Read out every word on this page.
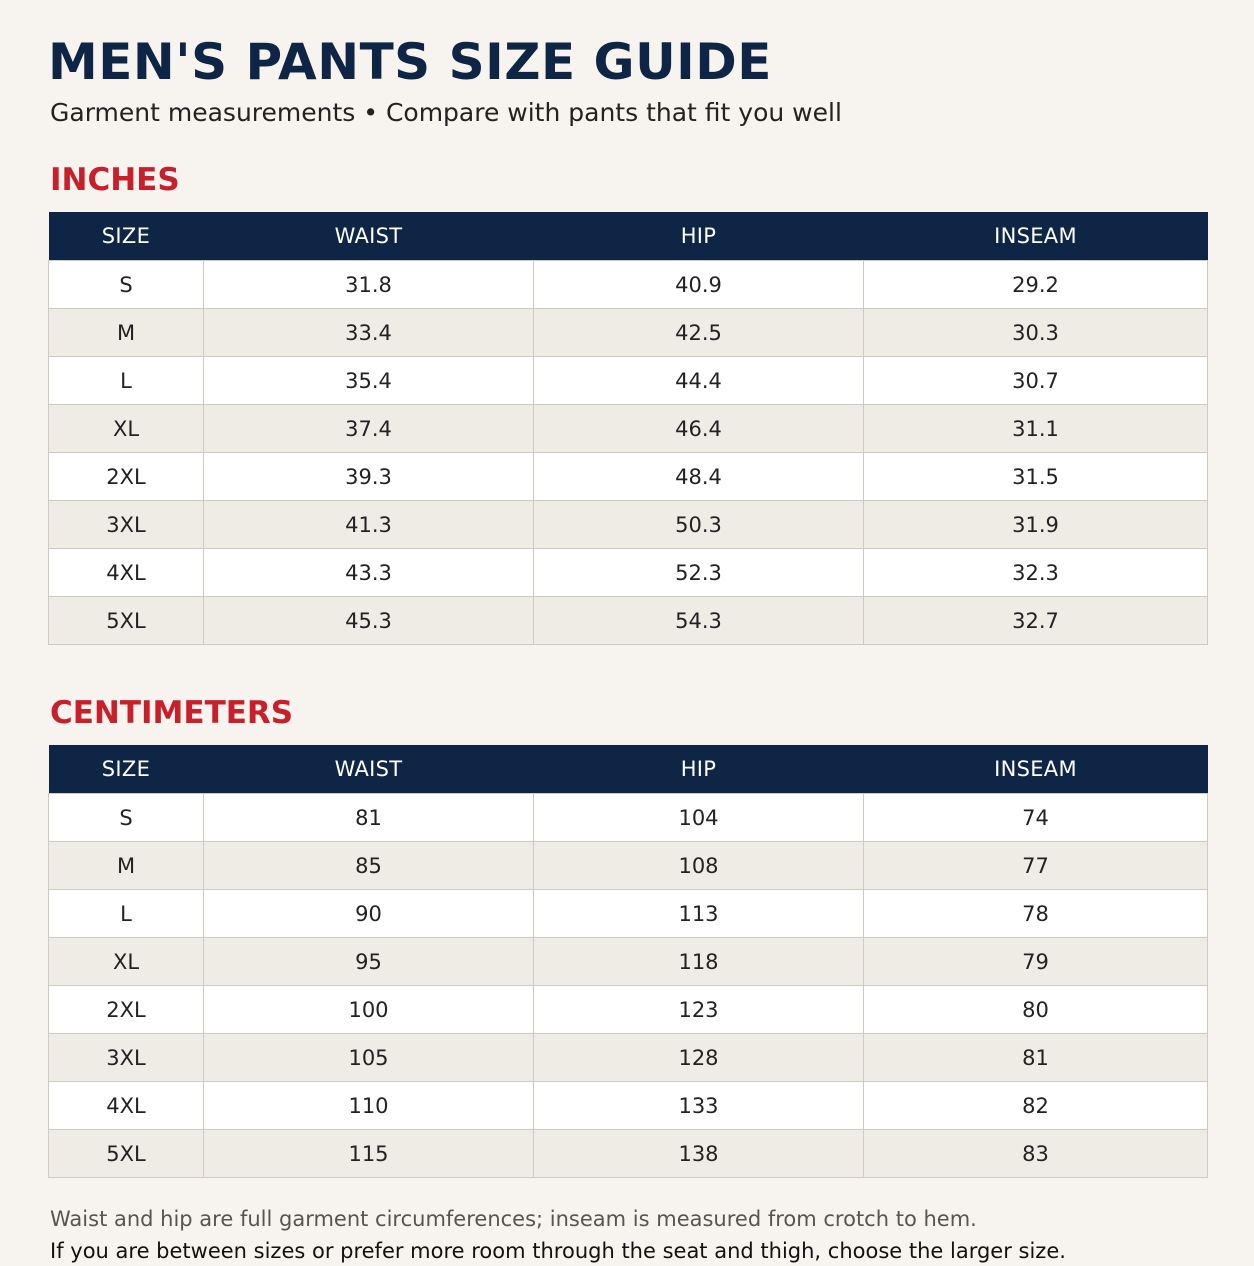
MEN'S PANTS SIZE GUIDE
Garment measurements • Compare with pants that fit you well
INCHES
SIZE	WAIST	HIP	INSEAM
S	31.8	40.9	29.2
M	33.4	42.5	30.3
L	35.4	44.4	30.7
XL	37.4	46.4	31.1
2XL	39.3	48.4	31.5
3XL	41.3	50.3	31.9
4XL	43.3	52.3	32.3
5XL	45.3	54.3	32.7
CENTIMETERS
SIZE	WAIST	HIP	INSEAM
S	81	104	74
M	85	108	77
L	90	113	78
XL	95	118	79
2XL	100	123	80
3XL	105	128	81
4XL	110	133	82
5XL	115	138	83
Waist and hip are full garment circumferences; inseam is measured from crotch to hem.
If you are between sizes or prefer more room through the seat and thigh, choose the larger size.
